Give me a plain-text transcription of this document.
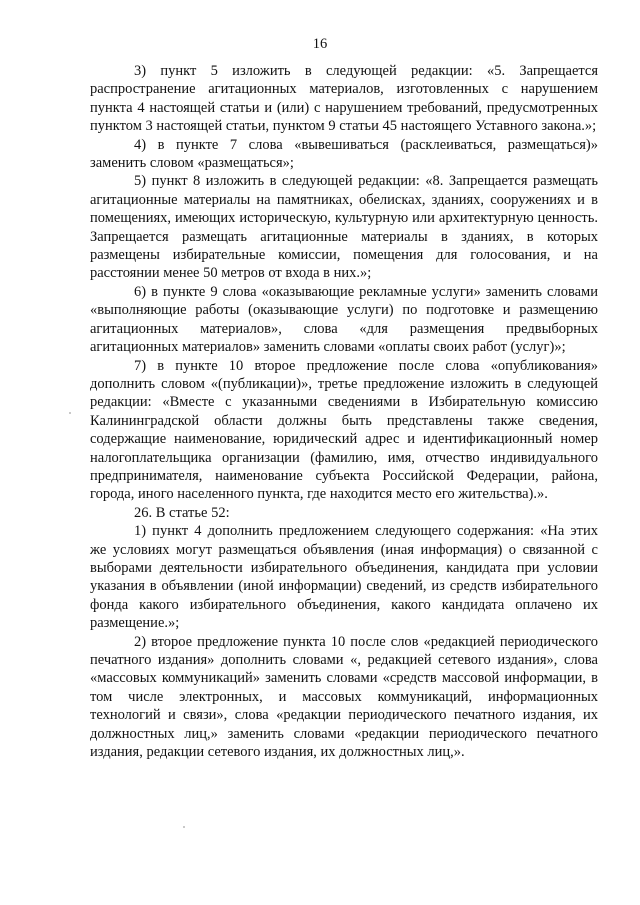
16

3) пункт 5 изложить в следующей редакции: «5. Запрещается распространение агитационных материалов, изготовленных с нарушением пункта 4 настоящей статьи и (или) с нарушением требований, предусмотренных пунктом 3 настоящей статьи, пунктом 9 статьи 45 настоящего Уставного закона.»;

4) в пункте 7 слова «вывешиваться (расклеиваться, размещаться)» заменить словом «размещаться»;

5) пункт 8 изложить в следующей редакции: «8. Запрещается размещать агитационные материалы на памятниках, обелисках, зданиях, сооружениях и в помещениях, имеющих историческую, культурную или архитектурную ценность. Запрещается размещать агитационные материалы в зданиях, в которых размещены избирательные комиссии, помещения для голосования, и на расстоянии менее 50 метров от входа в них.»;

6) в пункте 9 слова «оказывающие рекламные услуги» заменить словами «выполняющие работы (оказывающие услуги) по подготовке и размещению агитационных материалов», слова «для размещения предвыборных агитационных материалов» заменить словами «оплаты своих работ (услуг)»;

7) в пункте 10 второе предложение после слова «опубликования» дополнить словом «(публикации)», третье предложение изложить в следующей редакции: «Вместе с указанными сведениями в Избирательную комиссию Калининградской области должны быть представлены также сведения, содержащие наименование, юридический адрес и идентификационный номер налогоплательщика организации (фамилию, имя, отчество индивидуального предпринимателя, наименование субъекта Российской Федерации, района, города, иного населенного пункта, где находится место его жительства).».

26. В статье 52:

1) пункт 4 дополнить предложением следующего содержания: «На этих же условиях могут размещаться объявления (иная информация) о связанной с выборами деятельности избирательного объединения, кандидата при условии указания в объявлении (иной информации) сведений, из средств избирательного фонда какого избирательного объединения, какого кандидата оплачено их размещение.»;

2) второе предложение пункта 10 после слов «редакцией периодического печатного издания» дополнить словами «, редакцией сетевого издания», слова «массовых коммуникаций» заменить словами «средств массовой информации, в том числе электронных, и массовых коммуникаций, информационных технологий и связи», слова «редакции периодического печатного издания, их должностных лиц,» заменить словами «редакции периодического печатного издания, редакции сетевого издания, их должностных лиц,».
